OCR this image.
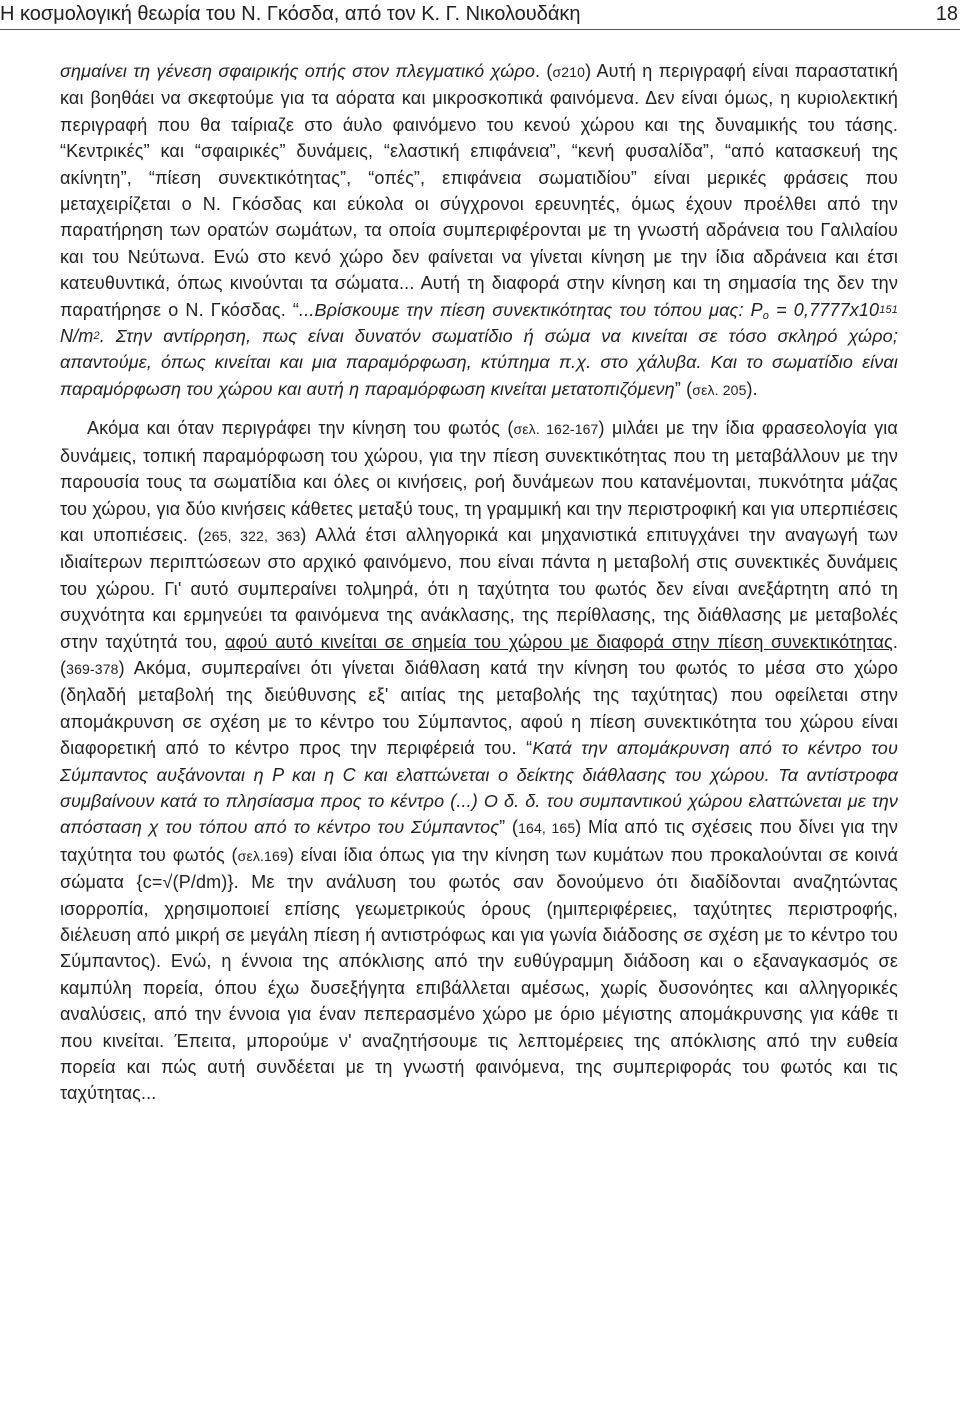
Η κοσμολογική θεωρία του Ν. Γκόσδα, από τον Κ. Γ. Νικολουδάκη	18

σημαίνει τη γένεση σφαιρικής οπής στον πλεγματικό χώρο. (σ210) Αυτή η περιγραφή είναι παραστατική και βοηθάει να σκεφτούμε για τα αόρατα και μικροσκοπικά φαινόμενα. Δεν είναι όμως, η κυριολεκτική περιγραφή που θα ταίριαζε στο άυλο φαινόμενο του κενού χώρου και της δυναμικής του τάσης. “Κεντρικές” και “σφαιρικές” δυνάμεις, “ελαστική επιφάνεια”, “κενή φυσαλίδα”, “από κατασκευή της ακίνητη”, “πίεση συνεκτικότητας”, “οπές”, επιφάνεια σωματιδίου” είναι μερικές φράσεις που μεταχειρίζεται ο Ν. Γκόσδας και εύκολα οι σύγχρονοι ερευνητές, όμως έχουν προέλθει από την παρατήρηση των ορατών σωμάτων, τα οποία συμπεριφέρονται με τη γνωστή αδράνεια του Γαλιλαίου και του Νεύτωνα. Ενώ στο κενό χώρο δεν φαίνεται να γίνεται κίνηση με την ίδια αδράνεια και έτσι κατευθυντικά, όπως κινούνται τα σώματα... Αυτή τη διαφορά στην κίνηση και τη σημασία της δεν την παρατήρησε ο Ν. Γκόσδας. “...Βρίσκουμε την πίεση συνεκτικότητας του τόπου μας: $P_o = 0,7777x10^{151}$ $N/m^2$. Στην αντίρρηση, πως είναι δυνατόν σωματίδιο ή σώμα να κινείται σε τόσο σκληρό χώρο; απαντούμε, όπως κινείται και μια παραμόρφωση, κτύπημα π.χ. στο χάλυβα. Και το σωματίδιο είναι παραμόρφωση του χώρου και αυτή η παραμόρφωση κινείται μετατοπιζόμενη” (σελ. 205).

Ακόμα και όταν περιγράφει την κίνηση του φωτός (σελ. 162-167) μιλάει με την ίδια φρασεολογία για δυνάμεις, τοπική παραμόρφωση του χώρου, για την πίεση συνεκτικότητας που τη μεταβάλλουν με την παρουσία τους τα σωματίδια και όλες οι κινήσεις, ροή δυνάμεων που κατανέμονται, πυκνότητα μάζας του χώρου, για δύο κινήσεις κάθετες μεταξύ τους, τη γραμμική και την περιστροφική και για υπερπιέσεις και υποπιέσεις. (265, 322, 363) Αλλά έτσι αλληγορικά και μηχανιστικά επιτυγχάνει την αναγωγή των ιδιαίτερων περιπτώσεων στο αρχικό φαινόμενο, που είναι πάντα η μεταβολή στις συνεκτικές δυνάμεις του χώρου. Γι' αυτό συμπεραίνει τολμηρά, ότι η ταχύτητα του φωτός δεν είναι ανεξάρτητη από τη συχνότητα και ερμηνεύει τα φαινόμενα της ανάκλασης, της περίθλασης, της διάθλασης με μεταβολές στην ταχύτητά του, αφού αυτό κινείται σε σημεία του χώρου με διαφορά στην πίεση συνεκτικότητας. (369-378) Ακόμα, συμπεραίνει ότι γίνεται διάθλαση κατά την κίνηση του φωτός το μέσα στο χώρο (δηλαδή μεταβολή της διεύθυνσης εξ' αιτίας της μεταβολής της ταχύτητας) που οφείλεται στην απομάκρυνση σε σχέση με το κέντρο του Σύμπαντος, αφού η πίεση συνεκτικότητα του χώρου είναι διαφορετική από το κέντρο προς την περιφέρειά του. “Κατά την απομάκρυνση από το κέντρο του Σύμπαντος αυξάνονται η P και η C και ελαττώνεται ο δείκτης διάθλασης του χώρου. Τα αντίστροφα συμβαίνουν κατά το πλησίασμα προς το κέντρο (...) Ο δ. δ. του συμπαντικού χώρου ελαττώνεται με την απόσταση χ του τόπου από το κέντρο του Σύμπαντος” (164, 165) Μία από τις σχέσεις που δίνει για την ταχύτητα του φωτός (σελ.169) είναι ίδια όπως για την κίνηση των κυμάτων που προκαλούνται σε κοινά σώματα {c=√(P/dm)}. Με την ανάλυση του φωτός σαν δονούμενο ότι διαδίδονται αναζητώντας ισορροπία, χρησιμοποιεί επίσης γεωμετρικούς όρους (ημιπεριφέρειες, ταχύτητες περιστροφής, διέλευση από μικρή σε μεγάλη πίεση ή αντιστρόφως και για γωνία διάδοσης σε σχέση με το κέντρο του Σύμπαντος). Ενώ, η έννοια της απόκλισης από την ευθύγραμμη διάδοση και ο εξαναγκασμός σε καμπύλη πορεία, όπου έχω δυσεξήγητα επιβάλλεται αμέσως, χωρίς δυσονόητες και αλληγορικές αναλύσεις, από την έννοια για έναν πεπερασμένο χώρο με όριο μέγιστης απομάκρυνσης για κάθε τι που κινείται. Έπειτα, μπορούμε ν' αναζητήσουμε τις λεπτομέρειες της απόκλισης από την ευθεία πορεία και πώς αυτή συνδέεται με τη γνωστή φαινόμενα, της συμπεριφοράς του φωτός και τις ταχύτητας...
